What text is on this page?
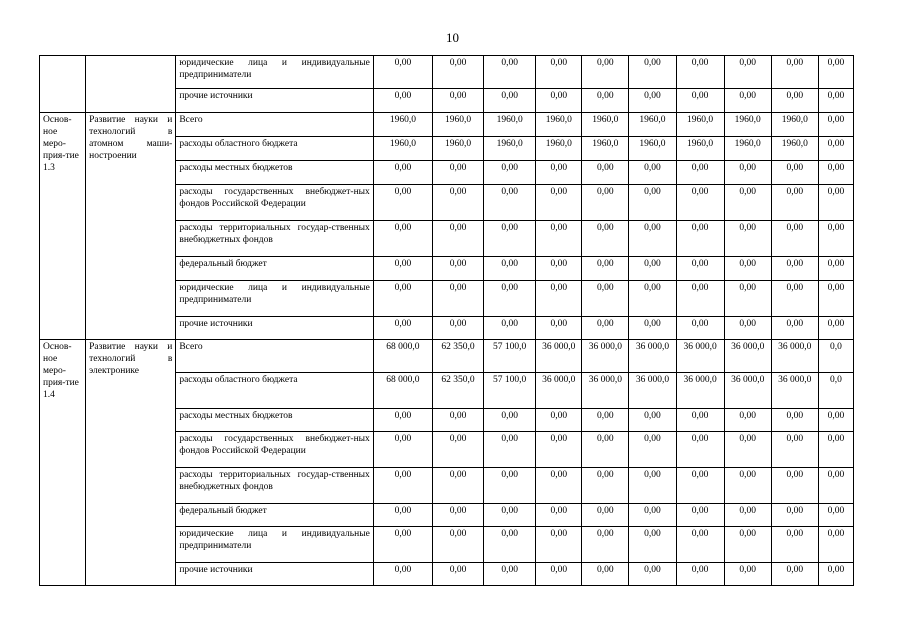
10
		юридические лица и индивидуальные предприниматели	0,00	0,00	0,00	0,00	0,00	0,00	0,00	0,00	0,00	0,00
		прочие источники	0,00	0,00	0,00	0,00	0,00	0,00	0,00	0,00	0,00	0,00
Основ-ное меро-прия-тие 1.3	Развитие науки и технологий в атомном маши-ностроении	Всего	1960,0	1960,0	1960,0	1960,0	1960,0	1960,0	1960,0	1960,0	1960,0	0,00
		расходы областного бюджета	1960,0	1960,0	1960,0	1960,0	1960,0	1960,0	1960,0	1960,0	1960,0	0,00
		расходы местных бюджетов	0,00	0,00	0,00	0,00	0,00	0,00	0,00	0,00	0,00	0,00
		расходы государственных внебюджет-ных фондов Российской Федерации	0,00	0,00	0,00	0,00	0,00	0,00	0,00	0,00	0,00	0,00
		расходы территориальных государ-ственных внебюджетных фондов	0,00	0,00	0,00	0,00	0,00	0,00	0,00	0,00	0,00	0,00
		федеральный бюджет	0,00	0,00	0,00	0,00	0,00	0,00	0,00	0,00	0,00	0,00
		юридические лица и индивидуальные предприниматели	0,00	0,00	0,00	0,00	0,00	0,00	0,00	0,00	0,00	0,00
		прочие источники	0,00	0,00	0,00	0,00	0,00	0,00	0,00	0,00	0,00	0,00
Основ-ное меро-прия-тие 1.4	Развитие науки и технологий в электронике	Всего	68 000,0	62 350,0	57 100,0	36 000,0	36 000,0	36 000,0	36 000,0	36 000,0	36 000,0	0,0
		расходы областного бюджета	68 000,0	62 350,0	57 100,0	36 000,0	36 000,0	36 000,0	36 000,0	36 000,0	36 000,0	0,0
		расходы местных бюджетов	0,00	0,00	0,00	0,00	0,00	0,00	0,00	0,00	0,00	0,00
		расходы государственных внебюджет-ных фондов Российской Федерации	0,00	0,00	0,00	0,00	0,00	0,00	0,00	0,00	0,00	0,00
		расходы территориальных государ-ственных внебюджетных фондов	0,00	0,00	0,00	0,00	0,00	0,00	0,00	0,00	0,00	0,00
		федеральный бюджет	0,00	0,00	0,00	0,00	0,00	0,00	0,00	0,00	0,00	0,00
		юридические лица и индивидуальные предприниматели	0,00	0,00	0,00	0,00	0,00	0,00	0,00	0,00	0,00	0,00
		прочие источники	0,00	0,00	0,00	0,00	0,00	0,00	0,00	0,00	0,00	0,00
